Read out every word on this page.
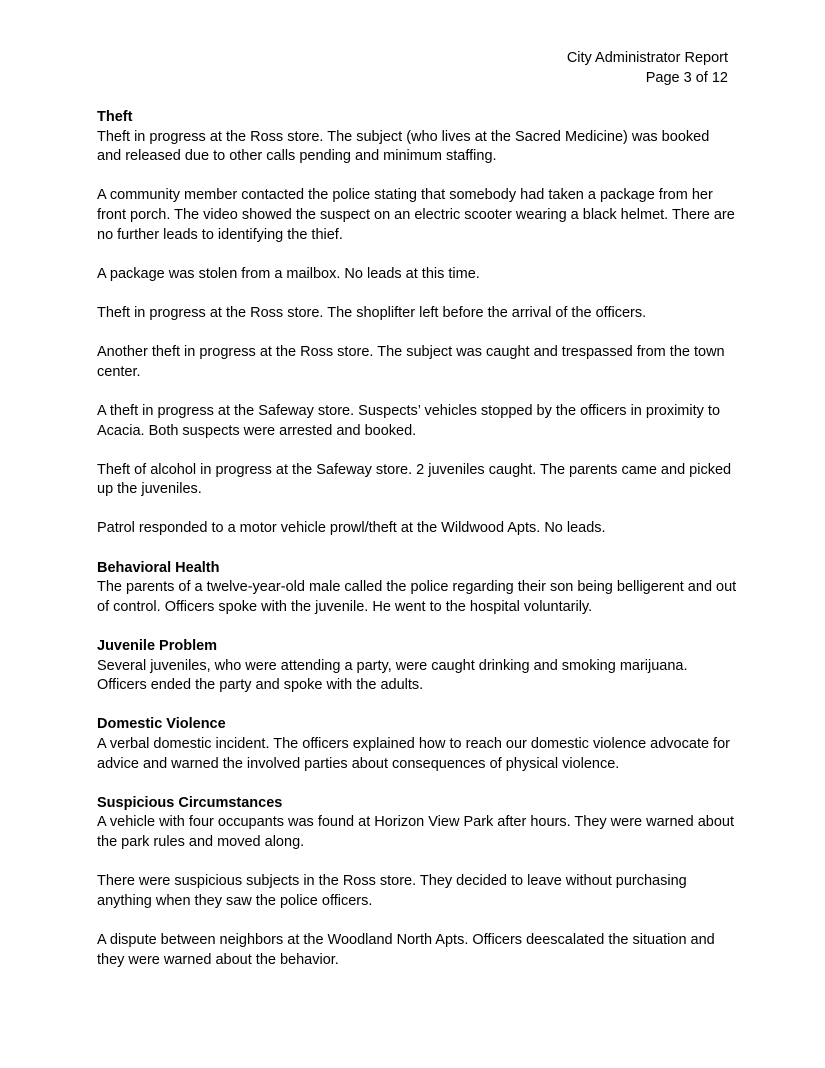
City Administrator Report
Page 3 of 12

Theft

Theft in progress at the Ross store. The subject (who lives at the Sacred Medicine) was booked and released due to other calls pending and minimum staffing.

A community member contacted the police stating that somebody had taken a package from her front porch. The video showed the suspect on an electric scooter wearing a black helmet. There are no further leads to identifying the thief.

A package was stolen from a mailbox. No leads at this time.

Theft in progress at the Ross store. The shoplifter left before the arrival of the officers.

Another theft in progress at the Ross store. The subject was caught and trespassed from the town center.

A theft in progress at the Safeway store. Suspects’ vehicles stopped by the officers in proximity to Acacia. Both suspects were arrested and booked.

Theft of alcohol in progress at the Safeway store. 2 juveniles caught. The parents came and picked up the juveniles.

Patrol responded to a motor vehicle prowl/theft at the Wildwood Apts. No leads.

Behavioral Health

The parents of a twelve-year-old male called the police regarding their son being belligerent and out of control. Officers spoke with the juvenile. He went to the hospital voluntarily.

Juvenile Problem

Several juveniles, who were attending a party, were caught drinking and smoking marijuana. Officers ended the party and spoke with the adults.

Domestic Violence

A verbal domestic incident. The officers explained how to reach our domestic violence advocate for advice and warned the involved parties about consequences of physical violence.

Suspicious Circumstances

A vehicle with four occupants was found at Horizon View Park after hours. They were warned about the park rules and moved along.

There were suspicious subjects in the Ross store. They decided to leave without purchasing anything when they saw the police officers.

A dispute between neighbors at the Woodland North Apts. Officers deescalated the situation and they were warned about the behavior.
